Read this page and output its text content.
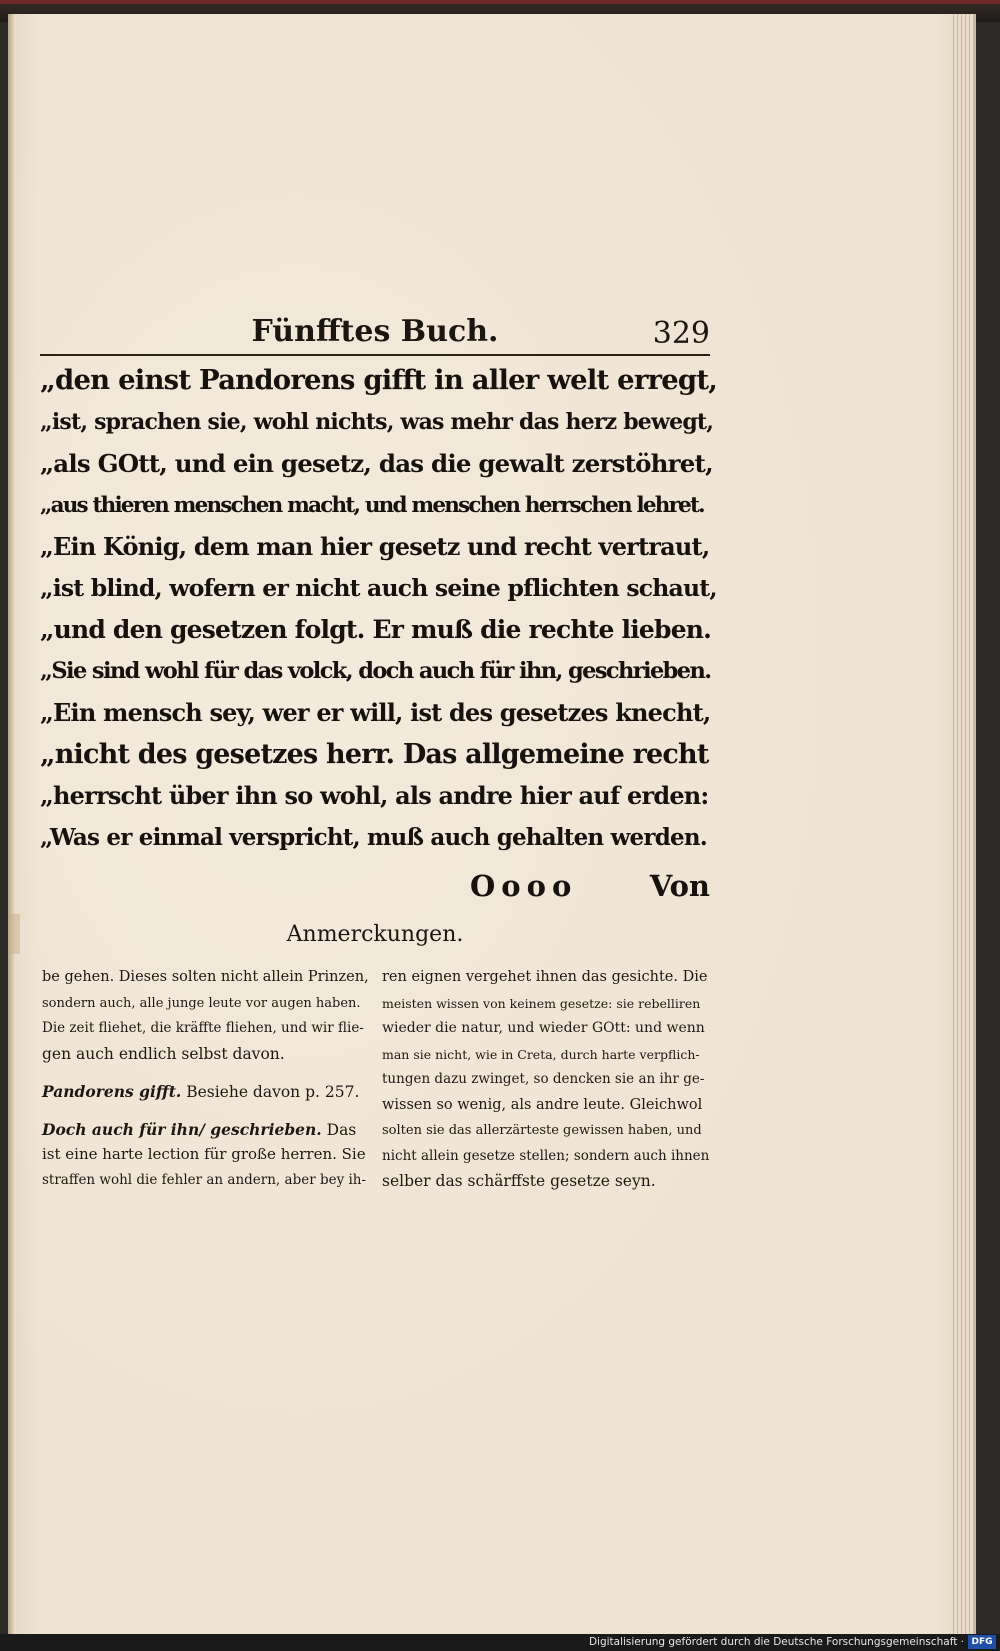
Fünfftes Buch.	329
„den einst Pandorens gifft in aller welt erregt,
„ist, sprachen sie, wohl nichts, was mehr das herz bewegt,
„als GOtt, und ein gesetz, das die gewalt zerstöhret,
„aus thieren menschen macht, und menschen herrschen lehret.
„Ein König, dem man hier gesetz und recht vertraut,
„ist blind, wofern er nicht auch seine pflichten schaut,
„und den gesetzen folgt. Er muß die rechte lieben.
„Sie sind wohl für das volck, doch auch für ihn, geschrieben.
„Ein mensch sey, wer er will, ist des gesetzes knecht,
„nicht des gesetzes herr. Das allgemeine recht
„herrscht über ihn so wohl, als andre hier auf erden:
„Was er einmal verspricht, muß auch gehalten werden.
Oooo Von
Anmerckungen.
be gehen. Dieses solten nicht allein Prinzen,
sondern auch, alle junge leute vor augen haben.
Die zeit fliehet, die kräffte fliehen, und wir flie-
gen auch endlich selbst davon.
Pandorens gifft. Besiehe davon p. 257.
Doch auch für ihn/ geschrieben. Das
ist eine harte lection für große herren. Sie
straffen wohl die fehler an andern, aber bey ih-
ren eignen vergehet ihnen das gesichte. Die
meisten wissen von keinem gesetze: sie rebelliren
wieder die natur, und wieder GOtt: und wenn
man sie nicht, wie in Creta, durch harte verpflich-
tungen dazu zwinget, so dencken sie an ihr ge-
wissen so wenig, als andre leute. Gleichwol
solten sie das allerzärteste gewissen haben, und
nicht allein gesetze stellen; sondern auch ihnen
selber das schärffste gesetze seyn.
Digitalisierung gefördert durch die Deutsche Forschungsgemeinschaft · DFG
